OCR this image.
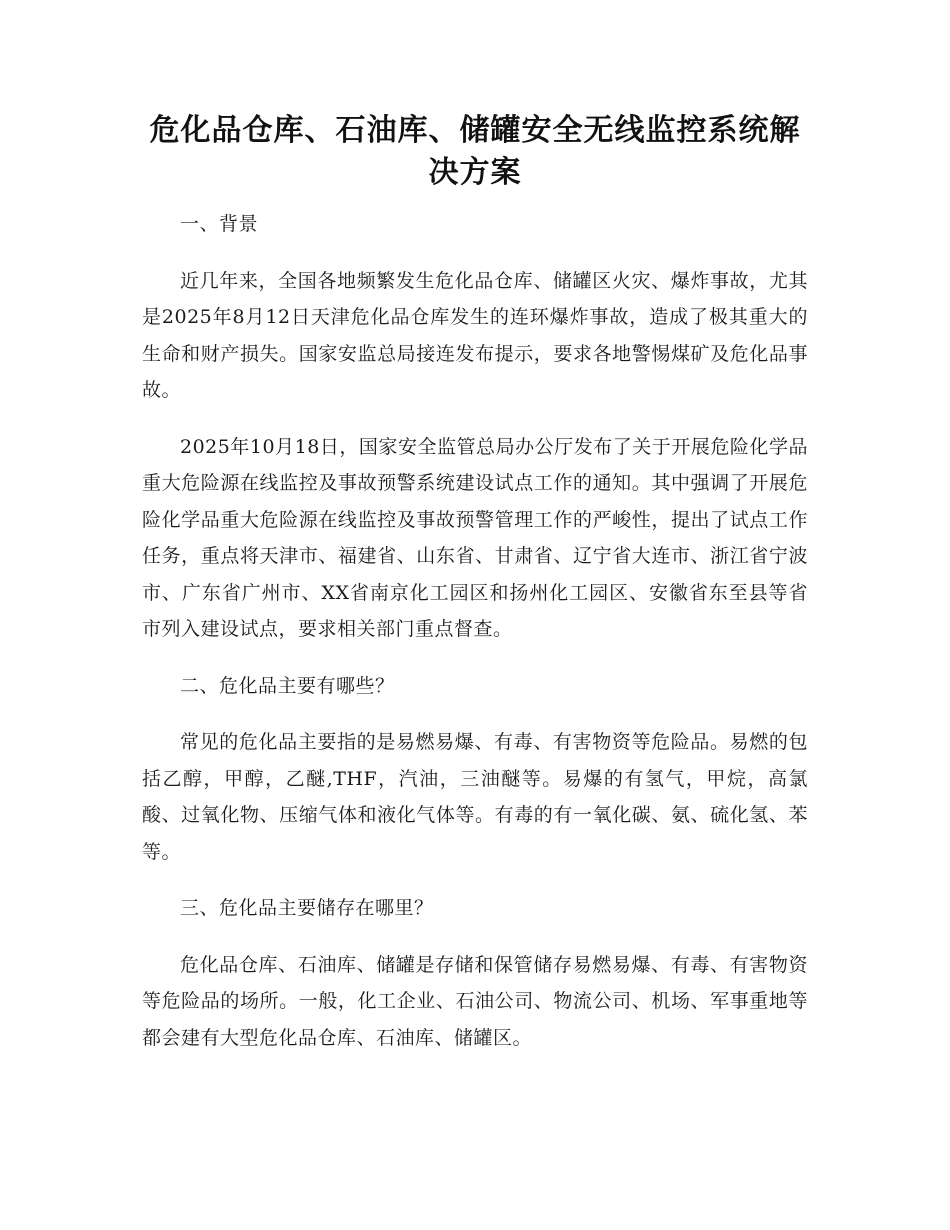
危化品仓库、石油库、储罐安全无线监控系统解
决方案

一、背景

近几年来，全国各地频繁发生危化品仓库、储罐区火灾、爆炸事故，尤其是2025年8月12日天津危化品仓库发生的连环爆炸事故，造成了极其重大的生命和财产损失。国家安监总局接连发布提示，要求各地警惕煤矿及危化品事故。

2025年10月18日，国家安全监管总局办公厅发布了关于开展危险化学品重大危险源在线监控及事故预警系统建设试点工作的通知。其中强调了开展危险化学品重大危险源在线监控及事故预警管理工作的严峻性，提出了试点工作任务，重点将天津市、福建省、山东省、甘肃省、辽宁省大连市、浙江省宁波市、广东省广州市、XX省南京化工园区和扬州化工园区、安徽省东至县等省市列入建设试点，要求相关部门重点督查。

二、危化品主要有哪些？

常见的危化品主要指的是易燃易爆、有毒、有害物资等危险品。易燃的包括乙醇，甲醇，乙醚,THF，汽油，三油醚等。易爆的有氢气，甲烷，高氯酸、过氧化物、压缩气体和液化气体等。有毒的有一氧化碳、氨、硫化氢、苯等。

三、危化品主要储存在哪里？

危化品仓库、石油库、储罐是存储和保管储存易燃易爆、有毒、有害物资等危险品的场所。一般，化工企业、石油公司、物流公司、机场、军事重地等都会建有大型危化品仓库、石油库、储罐区。
